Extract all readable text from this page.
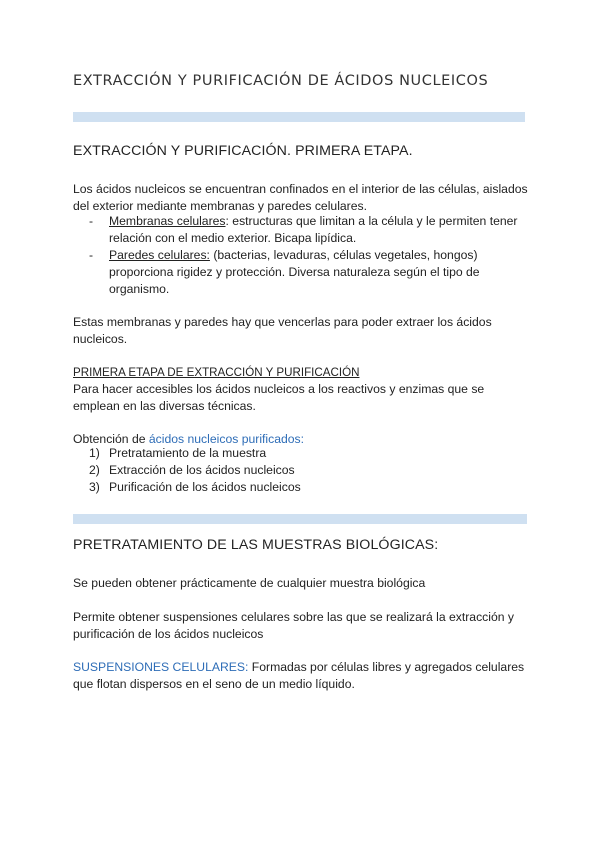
EXTRACCIÓN Y PURIFICACIÓN DE ÁCIDOS NUCLEICOS
EXTRACCIÓN Y PURIFICACIÓN. PRIMERA ETAPA.

Los ácidos nucleicos se encuentran confinados en el interior de las células, aislados del exterior mediante membranas y paredes celulares.

- Membranas celulares: estructuras que limitan a la célula y le permiten tener relación con el medio exterior. Bicapa lipídica.
- Paredes celulares: (bacterias, levaduras, células vegetales, hongos) proporciona rigidez y protección. Diversa naturaleza según el tipo de organismo.

Estas membranas y paredes hay que vencerlas para poder extraer los ácidos nucleicos.

PRIMERA ETAPA DE EXTRACCIÓN Y PURIFICACIÓN
Para hacer accesibles los ácidos nucleicos a los reactivos y enzimas que se emplean en las diversas técnicas.

Obtención de ácidos nucleicos purificados:

1) Pretratamiento de la muestra
2) Extracción de los ácidos nucleicos
3) Purificación de los ácidos nucleicos
PRETRATAMIENTO DE LAS MUESTRAS BIOLÓGICAS:

Se pueden obtener prácticamente de cualquier muestra biológica

Permite obtener suspensiones celulares sobre las que se realizará la extracción y purificación de los ácidos nucleicos

SUSPENSIONES CELULARES: Formadas por células libres y agregados celulares que flotan dispersos en el seno de un medio líquido.
